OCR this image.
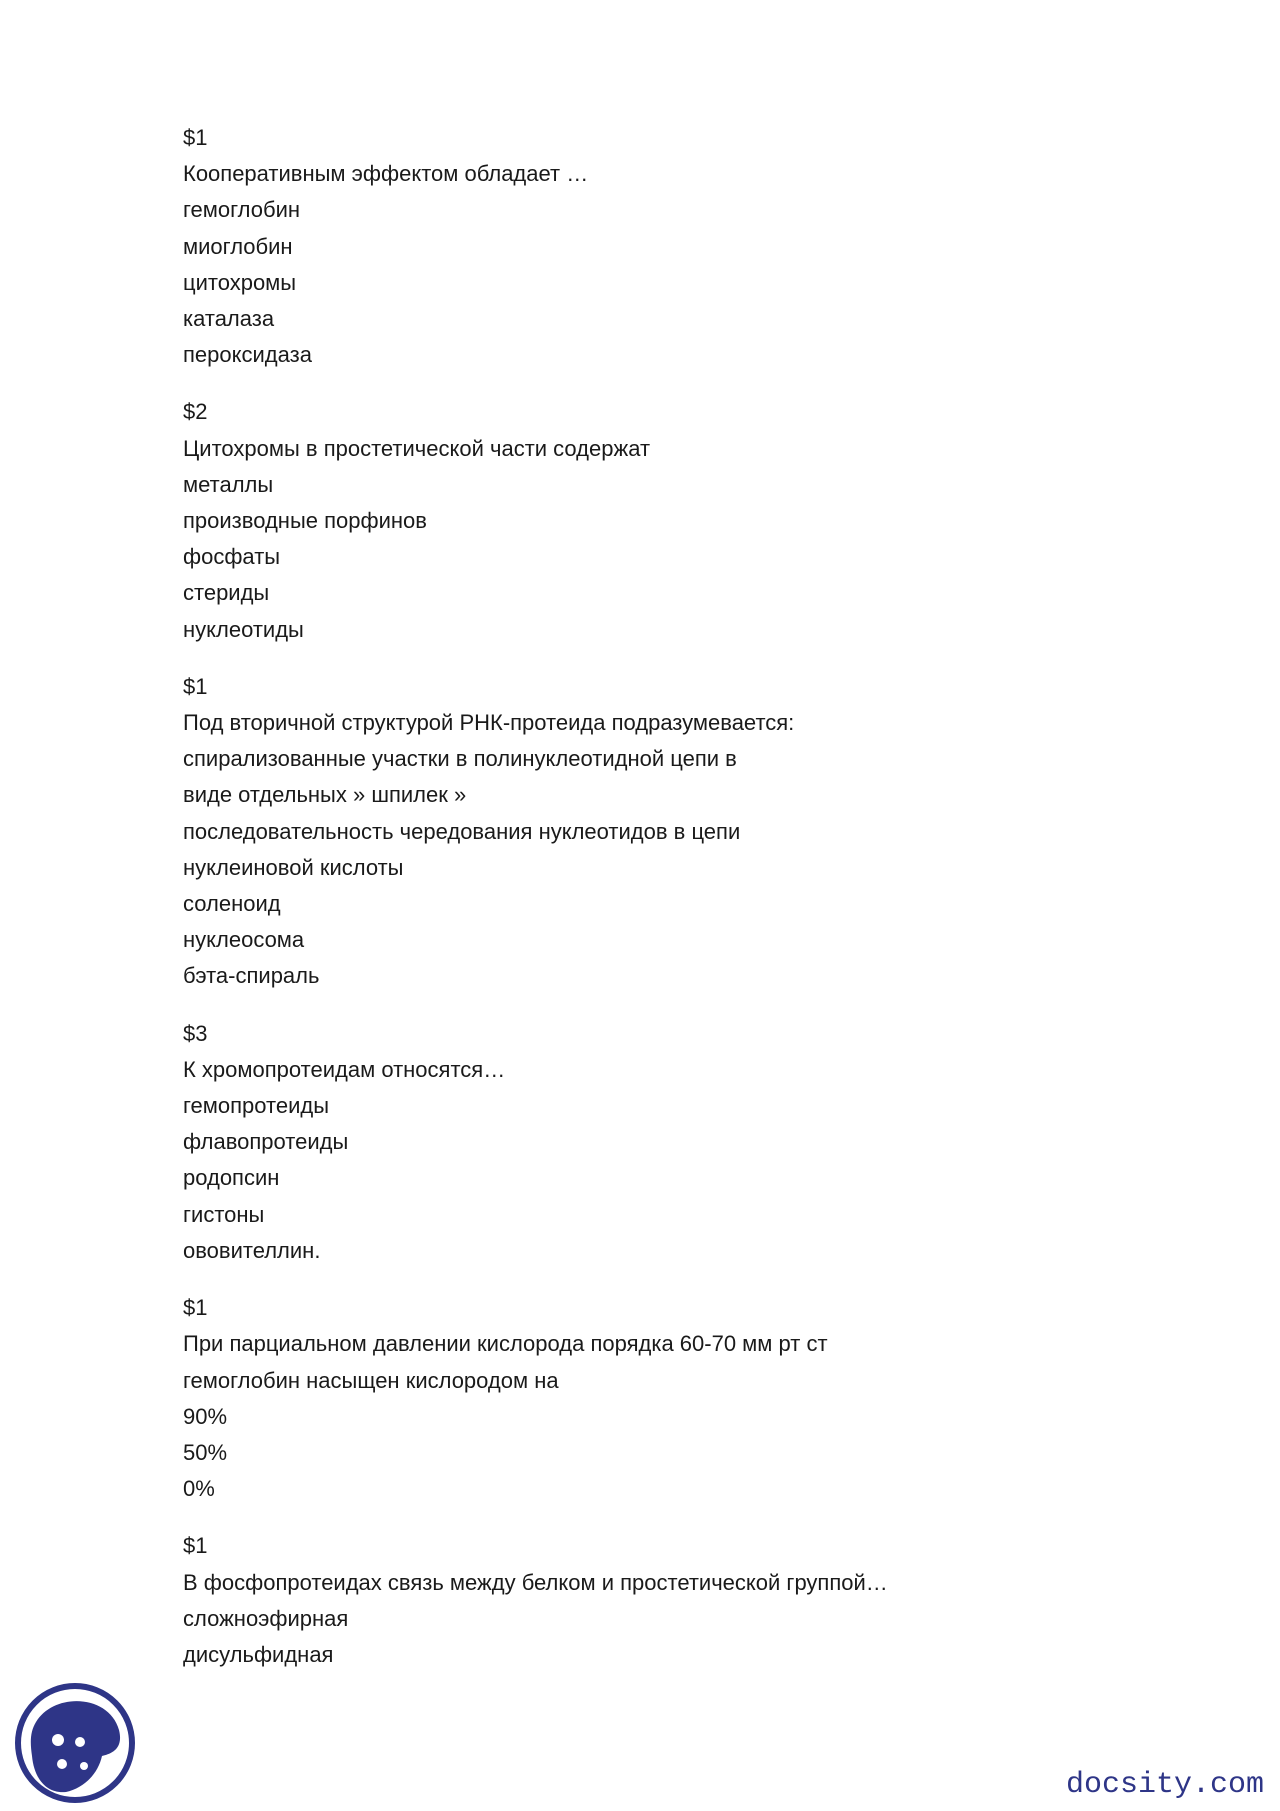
$1
Кооперативным эффектом обладает …
гемоглобин
миоглобин
цитохромы
каталаза
пероксидаза
$2
Цитохромы в простетической части содержат
металлы
производные порфинов
фосфаты
стериды
нуклеотиды
$1
Под вторичной структурой РНК-протеида подразумевается:
спирализованные участки в полинуклеотидной цепи в
виде отдельных » шпилек »
последовательность чередования нуклеотидов в цепи
нуклеиновой кислоты
соленоид
нуклеосома
бэта-спираль
$3
К хромопротеидам относятся…
гемопротеиды
флавопротеиды
родопсин
гистоны
ововителлин.
$1
При парциальном давлении кислорода порядка 60-70 мм рт ст
гемоглобин насыщен кислородом на
90%
50%
0%
$1
В фосфопротеидах связь между белком и простетической группой…
сложноэфирная
дисульфидная
docsity.com
